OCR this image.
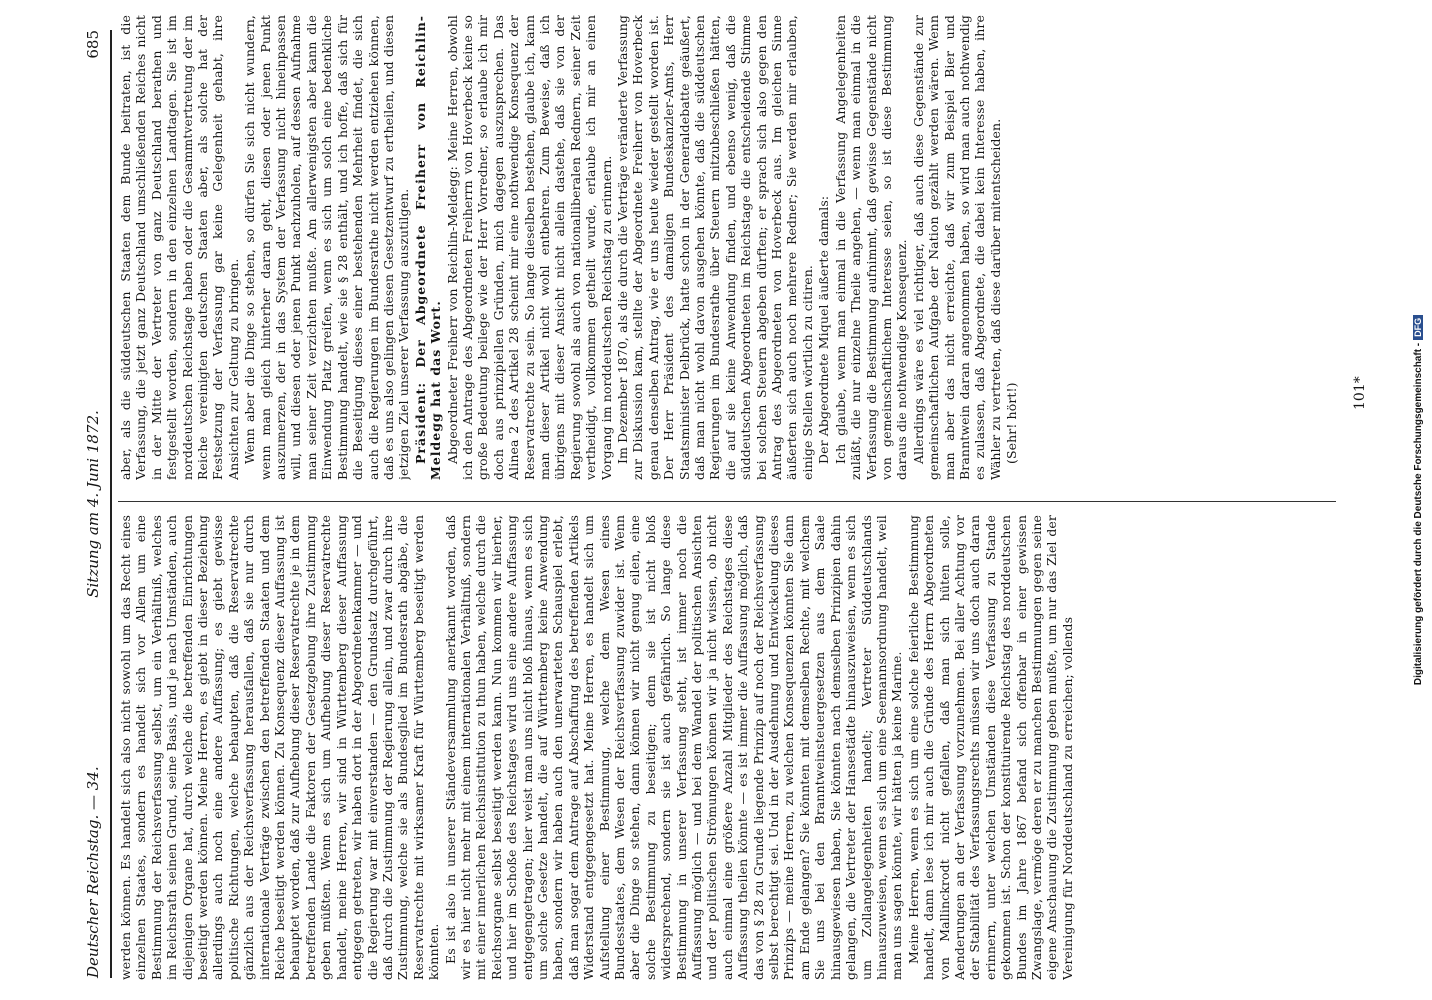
Deutscher Reichstag. — 34.
Sitzung am 4. Juni 1872.
685

werden können. Es handelt sich also nicht sowohl um das Recht eines einzelnen Staates, sondern es handelt sich vor Allem um eine Bestimmung der Reichsverfassung selbst, um ein Verhältniß, welches im Reichsrath seinen Grund, seine Basis, und je nach Umständen, auch diejenigen Organe hat, durch welche die betreffenden Einrichtungen beseitigt werden können. Meine Herren, es giebt in dieser Beziehung allerdings auch noch eine andere Auffassung; es giebt gewisse politische Richtungen, welche behaupten, daß die Reservatrechte gänzlich aus der Reichsverfassung herausfallen, daß sie nur durch internationale Verträge zwischen den betreffenden Staaten und dem Reiche beseitigt werden können. Zu Konsequenz dieser Auffassung ist behauptet worden, daß zur Aufhebung dieser Reservatrechte je in dem betreffenden Lande die Faktoren der Gesetzgebung ihre Zustimmung geben müßten. Wenn es sich um Aufhebung dieser Reservatrechte handelt, meine Herren, wir sind in Württemberg dieser Auffassung entgegen getreten, wir haben dort in der Abgeordnetenkammer — und die Regierung war mit einverstanden — den Grundsatz durchgeführt, daß durch die Zustimmung der Regierung allein, und zwar durch ihre Zustimmung, welche sie als Bundesglied im Bundesrath abgäbe, die Reservatrechte mit wirksamer Kraft für Württemberg beseitigt werden könnten. Es ist also in unserer Ständeversammlung anerkannt worden, daß wir es hier nicht mehr mit einem internationalen Verhältniß, sondern mit einer innerlichen Reichsinstitution zu thun haben, welche durch die Reichsorgane selbst beseitigt werden kann. Nun kommen wir hierher, und hier im Schoße des Reichstages wird uns eine andere Auffassung entgegengetragen; hier weist man uns nicht bloß hinaus, wenn es sich um solche Gesetze handelt, die auf Württemberg keine Anwendung haben, sondern wir haben auch den unerwarteten Schauspiel erlebt, daß man sogar dem Antrage auf Abschaffung des betreffenden Artikels Widerstand entgegengesetzt hat. Meine Herren, es handelt sich um Aufstellung einer Bestimmung, welche dem Wesen eines Bundesstaates, dem Wesen der Reichsverfassung zuwider ist. Wenn aber die Dinge so stehen, dann können wir nicht genug eilen, eine solche Bestimmung zu beseitigen; denn sie ist nicht bloß widersprechend, sondern sie ist auch gefährlich. So lange diese Bestimmung in unserer Verfassung steht, ist immer noch die Auffassung möglich — und bei dem Wandel der politischen Ansichten und der politischen Strömungen können wir ja nicht wissen, ob nicht auch einmal eine größere Anzahl Mitglieder des Reichstages diese Auffassung theilen könnte — es ist immer die Auffassung möglich, daß das von § 28 zu Grunde liegende Prinzip auf noch der Reichsverfassung selbst berechtigt sei. Und in der Ausdehnung und Entwickelung dieses Prinzips — meine Herren, zu welchen Konsequenzen könnten Sie dann am Ende gelangen? Sie könnten mit demselben Rechte, mit welchem Sie uns bei den Branntweinsteuergesetzen aus dem Saale hinausgewiesen haben, Sie könnten nach demselben Prinzipien dahin gelangen, die Vertreter der Hansestädte hinauszuweisen, wenn es sich um Zollangelegenheiten handelt; Vertreter Süddeutschlands hinauszuweisen, wenn es sich um eine Seemannsordnung handelt, weil man uns sagen könnte, wir hätten ja keine Marine. Meine Herren, wenn es sich um eine solche feierliche Bestimmung handelt, dann lese ich mir auch die Gründe des Herrn Abgeordneten von Mallinckrodt nicht gefallen, daß man sich hüten solle, Aenderungen an der Verfassung vorzunehmen. Bei aller Achtung vor der Stabilität des Verfassungsrechts müssen wir uns doch auch daran erinnern, unter welchen Umständen diese Verfassung zu Stande gekommen ist. Schon der konstituirende Reichstag des norddeutschen Bundes im Jahre 1867 befand sich offenbar in einer gewissen Zwangslage, vermöge deren er zu manchen Bestimmungen gegen seine eigene Anschauung die Zustimmung geben mußte, um nur das Ziel der Vereinigung für Norddeutschland zu erreichen; vollends

aber, als die süddeutschen Staaten dem Bunde beitraten, ist die Verfassung, die jetzt ganz Deutschland umschließenden Reiches nicht in der Mitte der Vertreter von ganz Deutschland berathen und festgestellt worden, sondern in den einzelnen Landtagen. Sie ist im norddeutschen Reichstage haben oder die Gesammtvertretung der im Reiche vereinigten deutschen Staaten aber, als solche hat der Festsetzung der Verfassung gar keine Gelegenheit gehabt, ihre Ansichten zur Geltung zu bringen. Wenn aber die Dinge so stehen, so dürfen Sie sich nicht wundern, wenn man gleich hinterher daran geht, diesen oder jenen Punkt auszumerzen, der in das System der Verfassung nicht hineinpassen will, und diesen oder jenen Punkt nachzuholen, auf dessen Aufnahme man seiner Zeit verzichten mußte. Am allerwenigsten aber kann die Einwendung Platz greifen, wenn es sich um solch eine bedenkliche Bestimmung handelt, wie sie § 28 enthält, und ich hoffe, daß sich für die Beseitigung dieses einer bestehenden Mehrheit findet, die sich auch die Regierungen im Bundesrathe nicht werden entziehen können, daß es uns also gelingen diesen Gesetzentwurf zu ertheilen, und diesen jetzigen Ziel unserer Verfassung auszutilgen. Präsident: Der Abgeordnete Freiherr von Reichlin-Meldegg hat das Wort. Abgeordneter Freiherr von Reichlin-Meldegg: Meine Herren, obwohl ich den Antrage des Abgeordneten Freiherrn von Hoverbeck keine so große Bedeutung beilege wie der Herr Vorredner, so erlaube ich mir doch aus prinzipiellen Gründen, mich dagegen auszusprechen. Das Alinea 2 des Artikel 28 scheint mir eine nothwendige Konsequenz der Reservatrechte zu sein. So lange dieselben bestehen, glaube ich, kann man dieser Artikel nicht wohl entbehren. Zum Beweise, daß ich übrigens mit dieser Ansicht nicht allein dastehe, daß sie von der Regierung sowohl als auch von nationalliberalen Rednern, seiner Zeit vertheidigt, vollkommen getheilt wurde, erlaube ich mir an einen Vorgang im norddeutschen Reichstag zu erinnern. Im Dezember 1870, als die durch die Verträge veränderte Verfassung zur Diskussion kam, stellte der Abgeordnete Freiherr von Hoverbeck genau denselben Antrag, wie er uns heute wieder gestellt worden ist. Der Herr Präsident des damaligen Bundeskanzler-Amts, Herr Staatsminister Delbrück, hatte schon in der Generaldebatte geäußert, daß man nicht wohl davon ausgehen könnte, daß die süddeutschen Regierungen im Bundesrathe über Steuern mitzubeschließen hätten, die auf sie keine Anwendung finden, und ebenso wenig, daß die süddeutschen Abgeordneten im Reichstage die entscheidende Stimme bei solchen Steuern abgeben dürften; er sprach sich also gegen den Antrag des Abgeordneten von Hoverbeck aus. Im gleichen Sinne äußerten sich auch noch mehrere Redner; Sie werden mir erlauben, einige Stellen wörtlich zu citiren. Der Abgeordnete Miquel äußerte damals: Ich glaube, wenn man einmal in die Verfassung Angelegenheiten zuläßt, die nur einzelne Theile angehen, — wenn man einmal in die Verfassung die Bestimmung aufnimmt, daß gewisse Gegenstände nicht von gemeinschaftlichem Interesse seien, so ist diese Bestimmung daraus die nothwendige Konsequenz. Allerdings wäre es viel richtiger, daß auch diese Gegenstände zur gemeinschaftlichen Aufgabe der Nation gezählt werden wären. Wenn man aber das nicht erreichte, daß wir zum Beispiel Bier und Branntwein daran angenommen haben, so wird man auch nothwendig es zulassen, daß Abgeordnete, die dabei kein Interesse haben, ihre Wähler zu vertreten, daß diese darüber mitentscheiden. (Sehr! hört!)	101*	Digitalisierung gefördert durch die Deutsche Forschungsgemeinschaft -DFG
